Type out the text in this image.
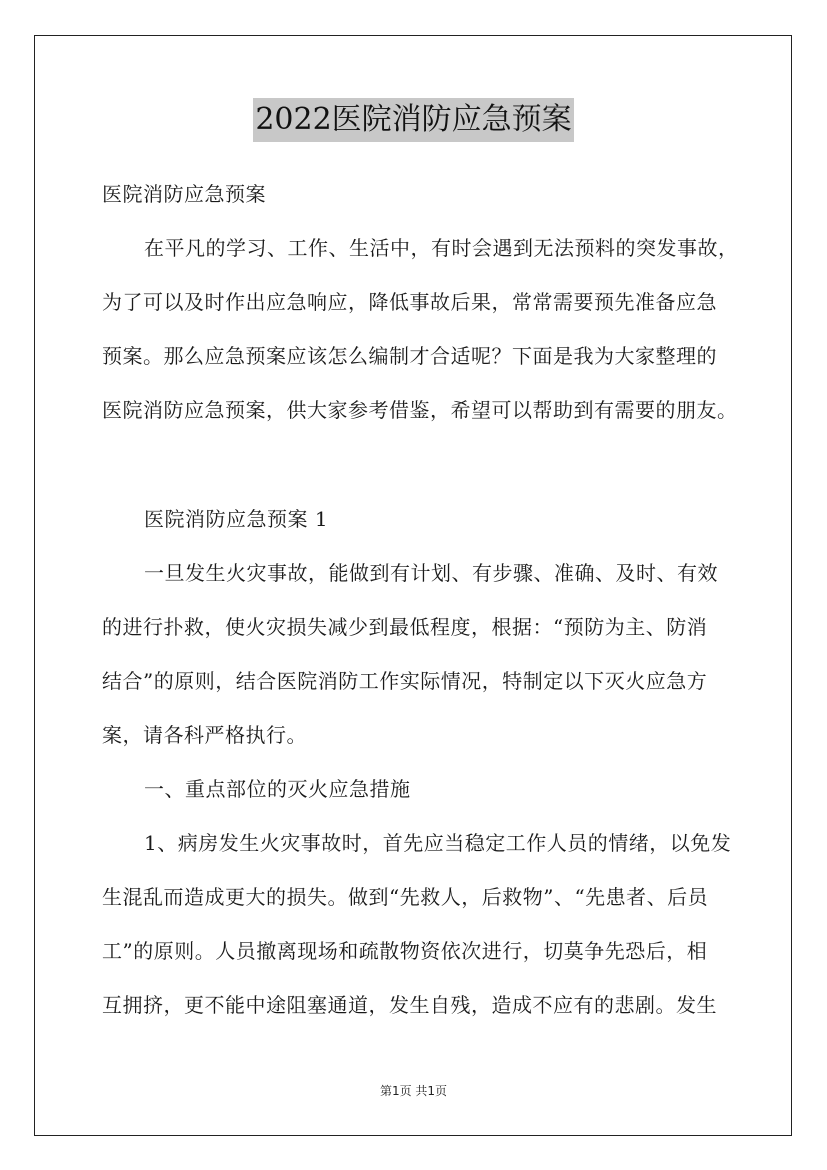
2022医院消防应急预案
医院消防应急预案
在平凡的学习、工作、生活中，有时会遇到无法预料的突发事故，
为了可以及时作出应急响应，降低事故后果，常常需要预先准备应急
预案。那么应急预案应该怎么编制才合适呢？下面是我为大家整理的
医院消防应急预案，供大家参考借鉴，希望可以帮助到有需要的朋友。
医院消防应急预案 1
一旦发生火灾事故，能做到有计划、有步骤、准确、及时、有效
的进行扑救，使火灾损失减少到最低程度，根据：“预防为主、防消
结合”的原则，结合医院消防工作实际情况，特制定以下灭火应急方
案，请各科严格执行。
一、重点部位的灭火应急措施
1、病房发生火灾事故时，首先应当稳定工作人员的情绪，以免发
生混乱而造成更大的损失。做到“先救人，后救物”、“先患者、后员
工”的原则。人员撤离现场和疏散物资依次进行，切莫争先恐后，相
互拥挤，更不能中途阻塞通道，发生自残，造成不应有的悲剧。发生
第1页 共1页
